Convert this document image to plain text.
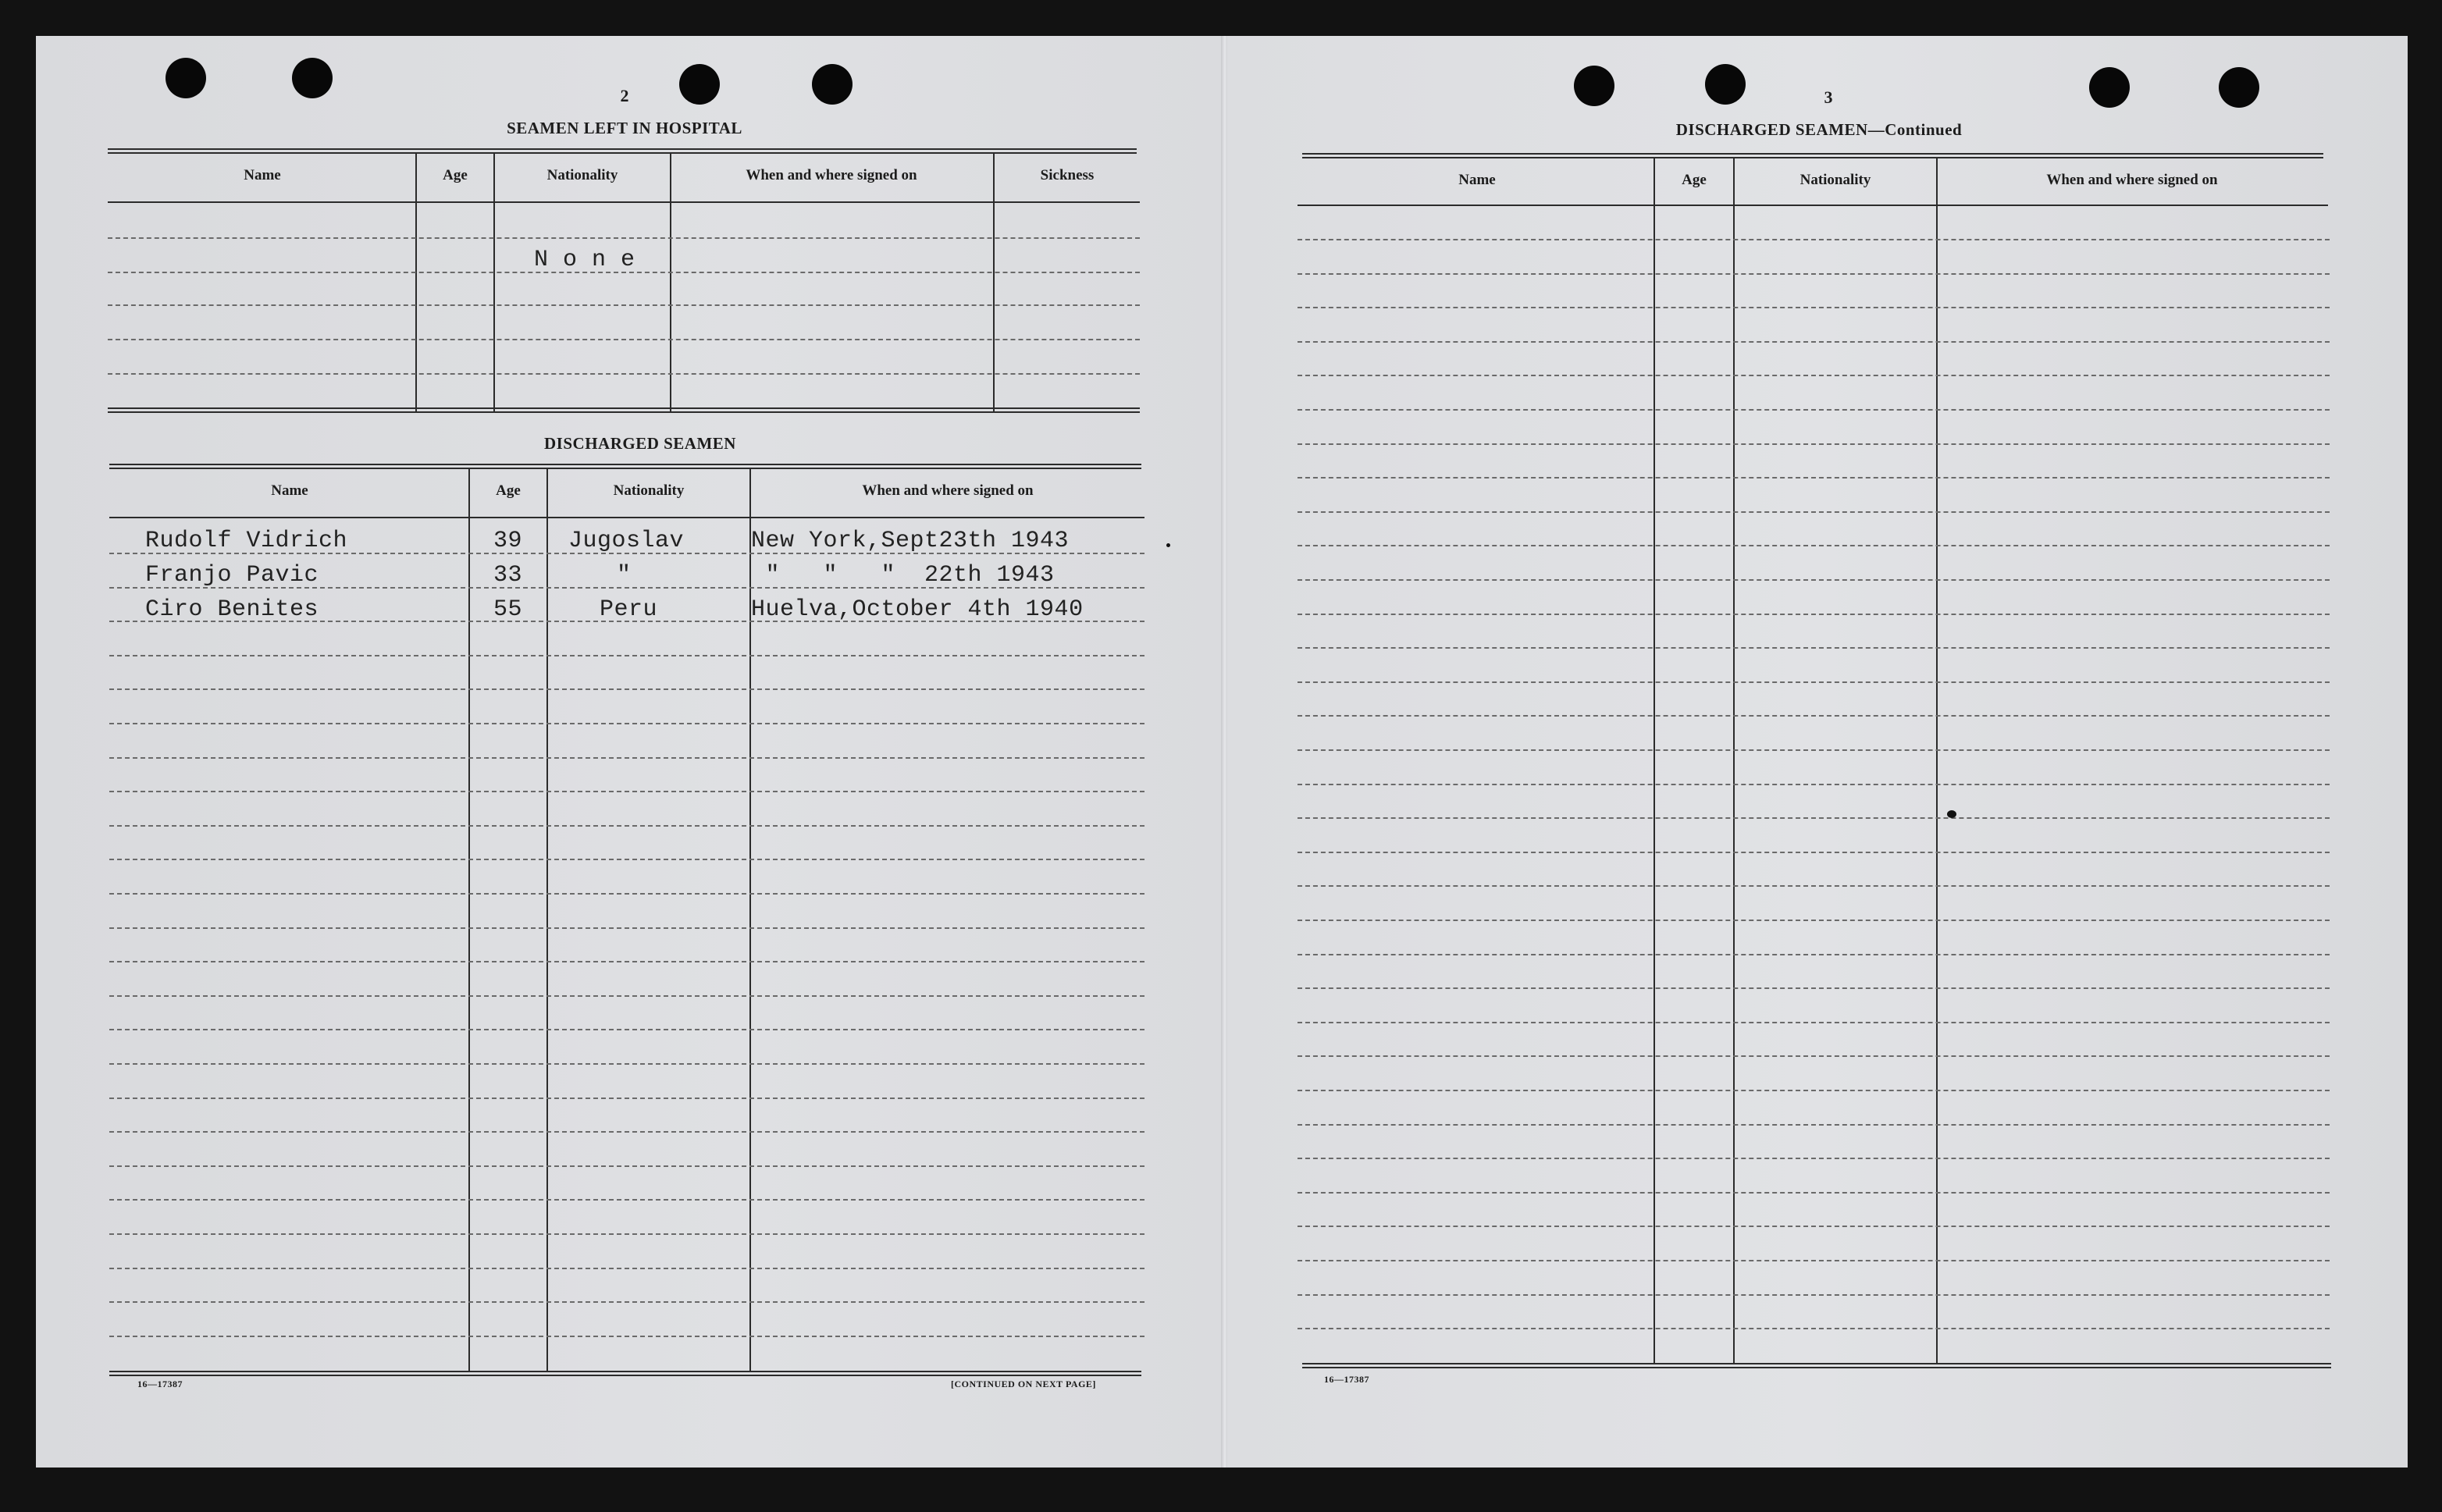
2
SEAMEN LEFT IN HOSPITAL
Name	Age	Nationality	When and where signed on	Sickness
N o n e
DISCHARGED SEAMEN
Name	Age	Nationality	When and where signed on
Rudolf Vidrich	39 Jugoslav	New York,Sept23th 1943
Franjo Pavic	33	"	"   "   "  22th 1943
Ciro Benites	55	Peru	Huelva,October 4th 1940
16—17387	[CONTINUED ON NEXT PAGE]
3
DISCHARGED SEAMEN—Continued
Name	Age	Nationality	When and where signed on
16—17387
